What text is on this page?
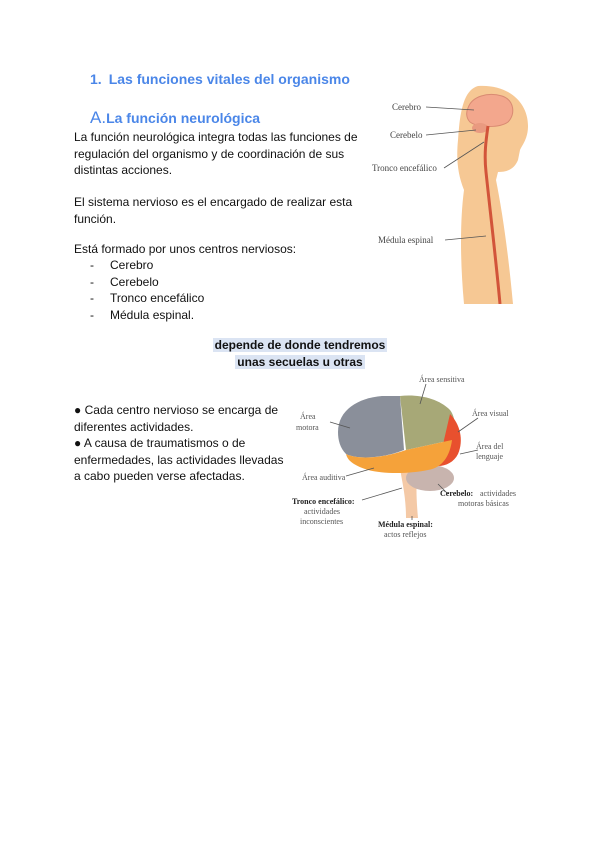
1. Las funciones vitales del organismo
A.La función neurológica
La función neurológica integra todas las funciones de regulación del organismo y de coordinación de sus distintas acciones.
El sistema nervioso es el encargado de realizar esta función.
Está formado por unos centros nerviosos:
-	Cerebro
-	Cerebelo
-	Tronco encefálico
-	Médula espinal.
depende de donde tendremos
unas secuelas u otras

● Cada centro nervioso se encarga de diferentes actividades.

● A causa de traumatismos o de enfermedades, las actividades llevadas a cabo pueden verse afectadas.

Cerebro
Cerebelo
Tronco encefálico
Médula espinal
Área sensitiva
Área
motora
Área visual
Área del
lenguaje
Área auditiva
Tronco encefálico:
actividades
inconscientes
Cerebelo: actividades
motoras básicas
Médula espinal:
actos reflejos
